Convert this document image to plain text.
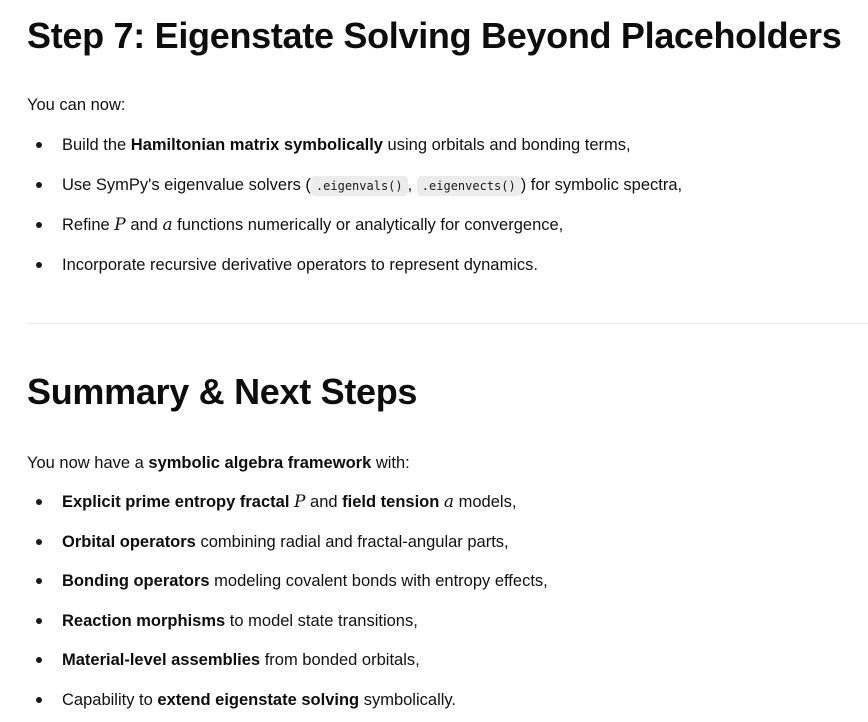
Step 7: Eigenstate Solving Beyond Placeholders

You can now:

Build the Hamiltonian matrix symbolically using orbitals and bonding terms,
Use SymPy's eigenvalue solvers ( .eigenvals() , .eigenvects() ) for symbolic spectra,
Refine P and a functions numerically or analytically for convergence,
Incorporate recursive derivative operators to represent dynamics.
Summary & Next Steps

You now have a symbolic algebra framework with:

Explicit prime entropy fractal P and field tension a models,
Orbital operators combining radial and fractal-angular parts,
Bonding operators modeling covalent bonds with entropy effects,
Reaction morphisms to model state transitions,
Material-level assemblies from bonded orbitals,
Capability to extend eigenstate solving symbolically.
